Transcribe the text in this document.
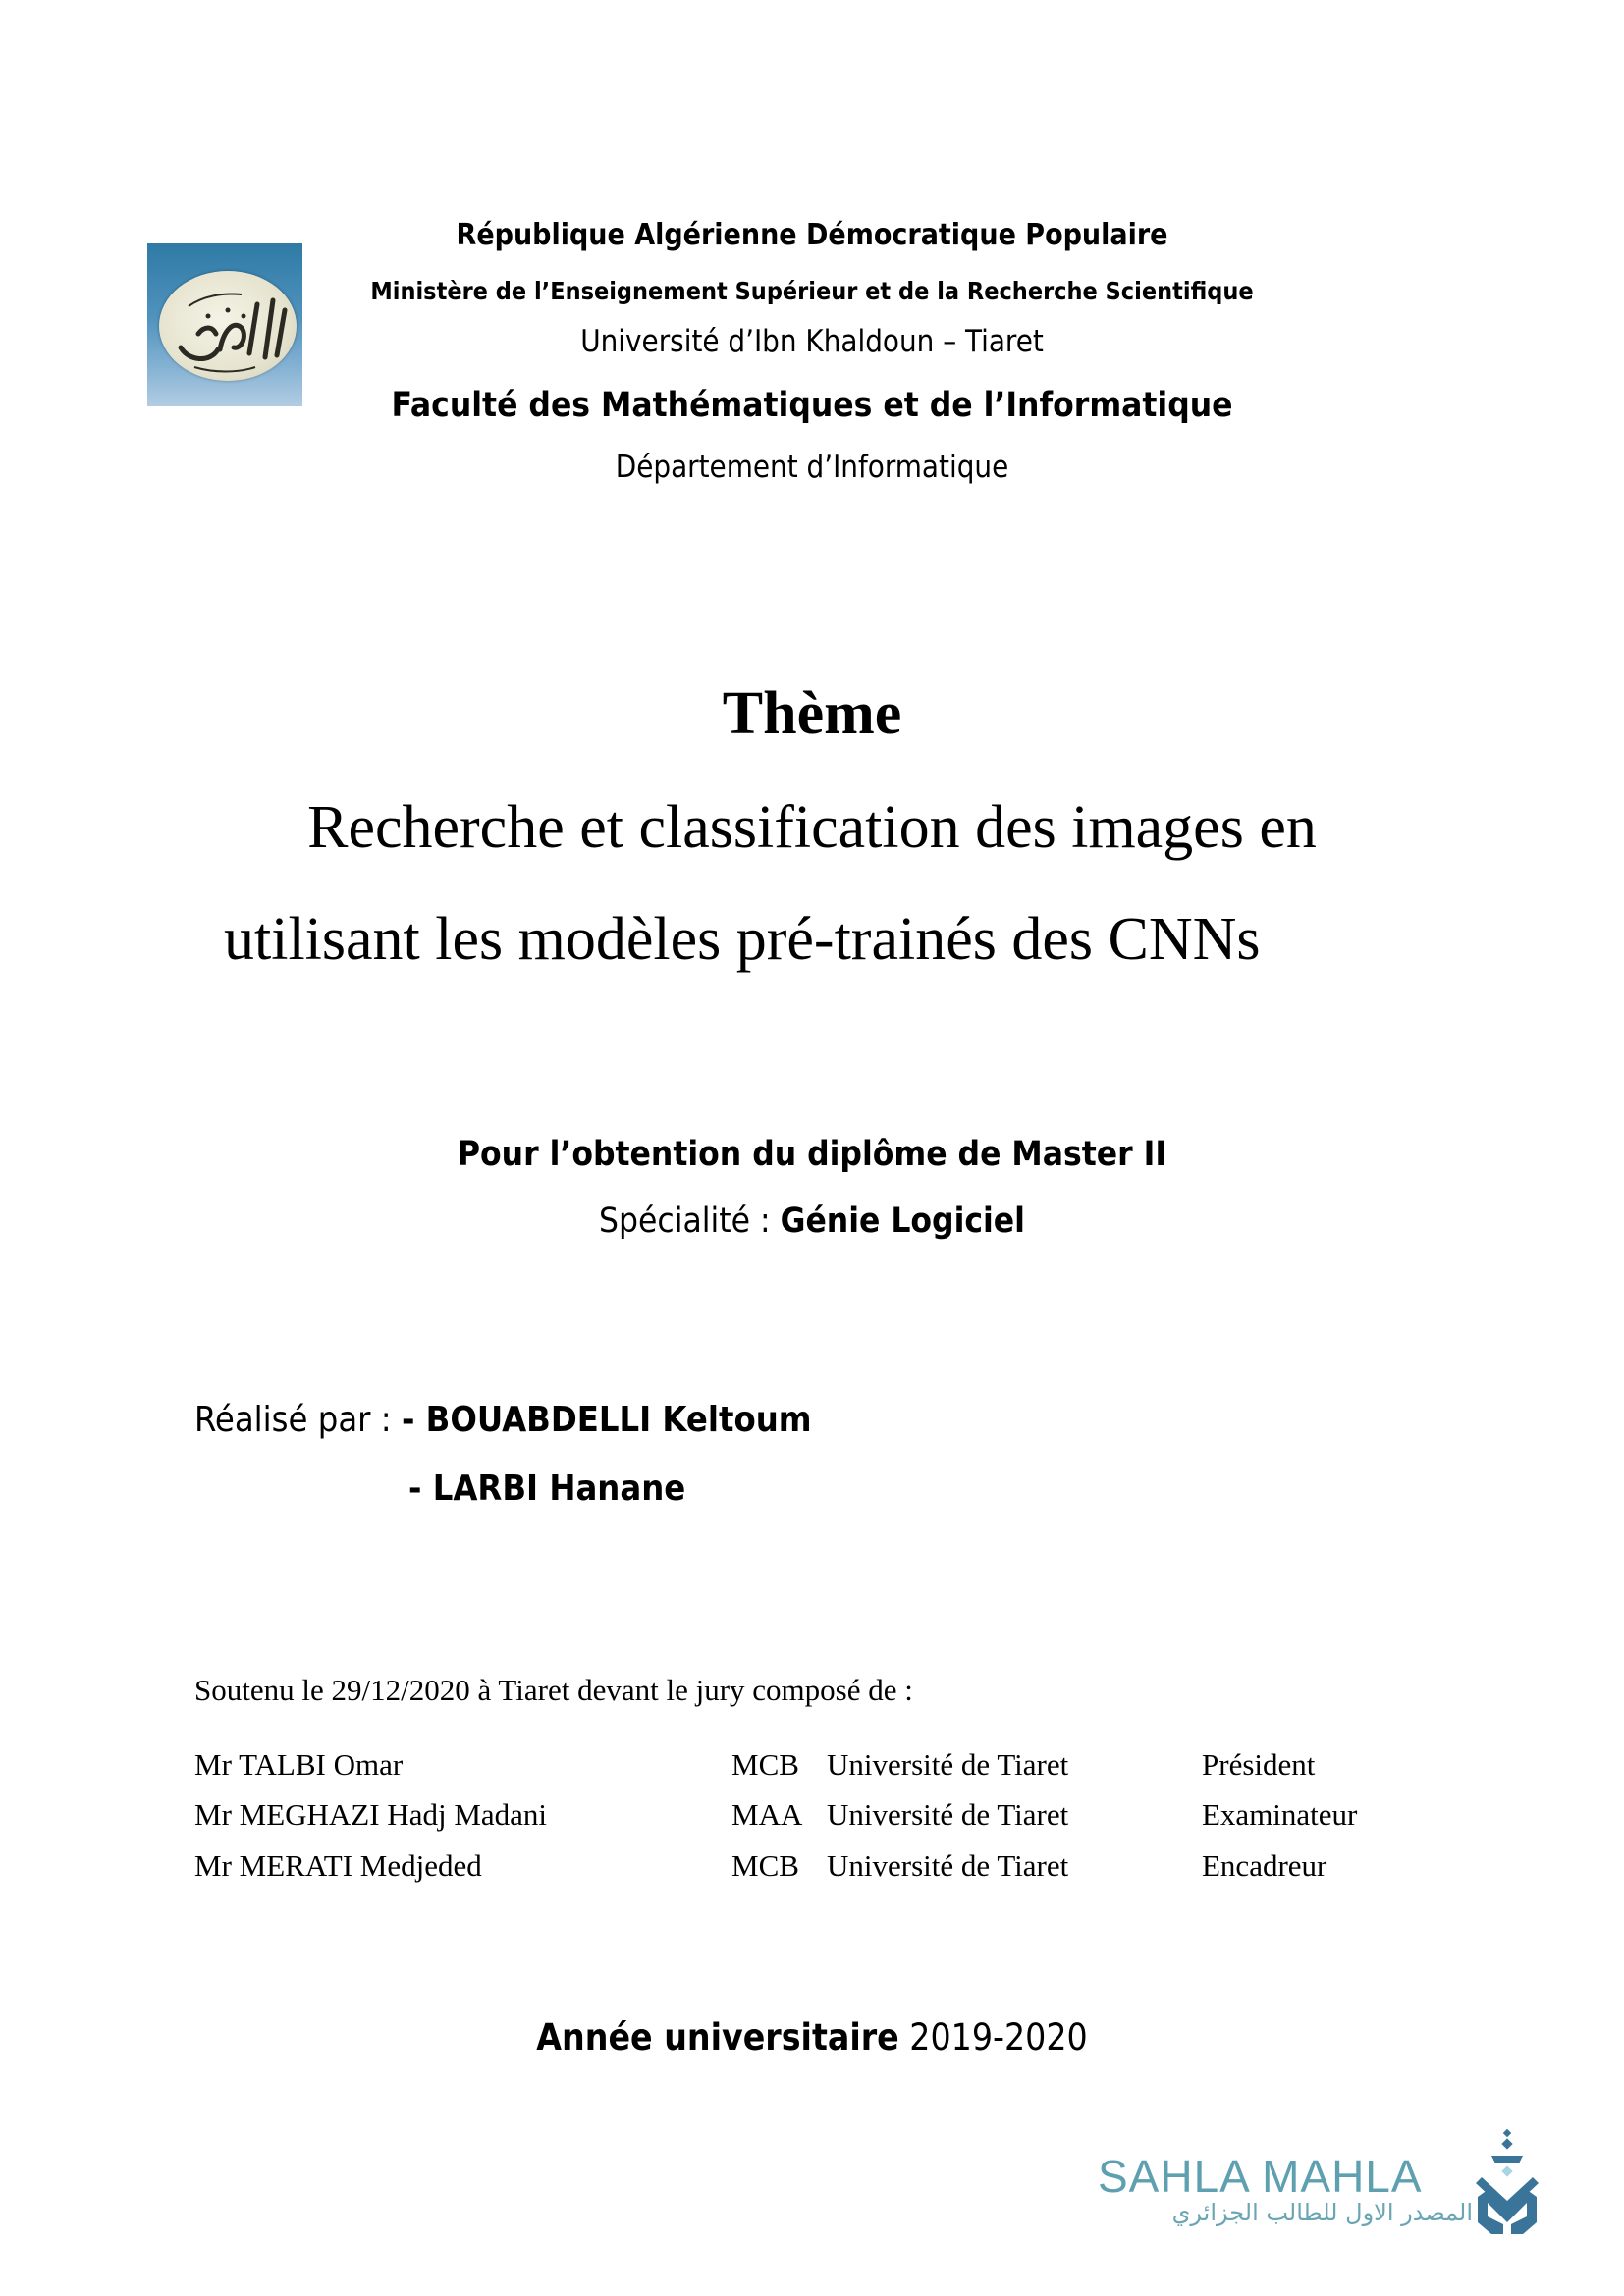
République Algérienne Démocratique Populaire
Ministère de l’Enseignement Supérieur et de la Recherche Scientifique
Université d’Ibn Khaldoun – Tiaret
Faculté des Mathématiques et de l’Informatique
Département d’Informatique
Thème
Recherche et classification des images en
utilisant les modèles pré-trainés des CNNs
Pour l’obtention du diplôme de Master II
Spécialité : Génie Logiciel
Réalisé par : - BOUABDELLI Keltoum
- LARBI Hanane
Soutenu le 29/12/2020 à Tiaret devant le jury composé de :
Mr TALBI Omar	MCB Université de Tiaret	Président
Mr MEGHAZI Hadj Madani	MAA Université de Tiaret	Examinateur
Mr MERATI Medjeded	MCB Université de Tiaret	Encadreur
Année universitaire 2019-2020
SAHLA MAHLA
المصدر الاول للطالب الجزائري
